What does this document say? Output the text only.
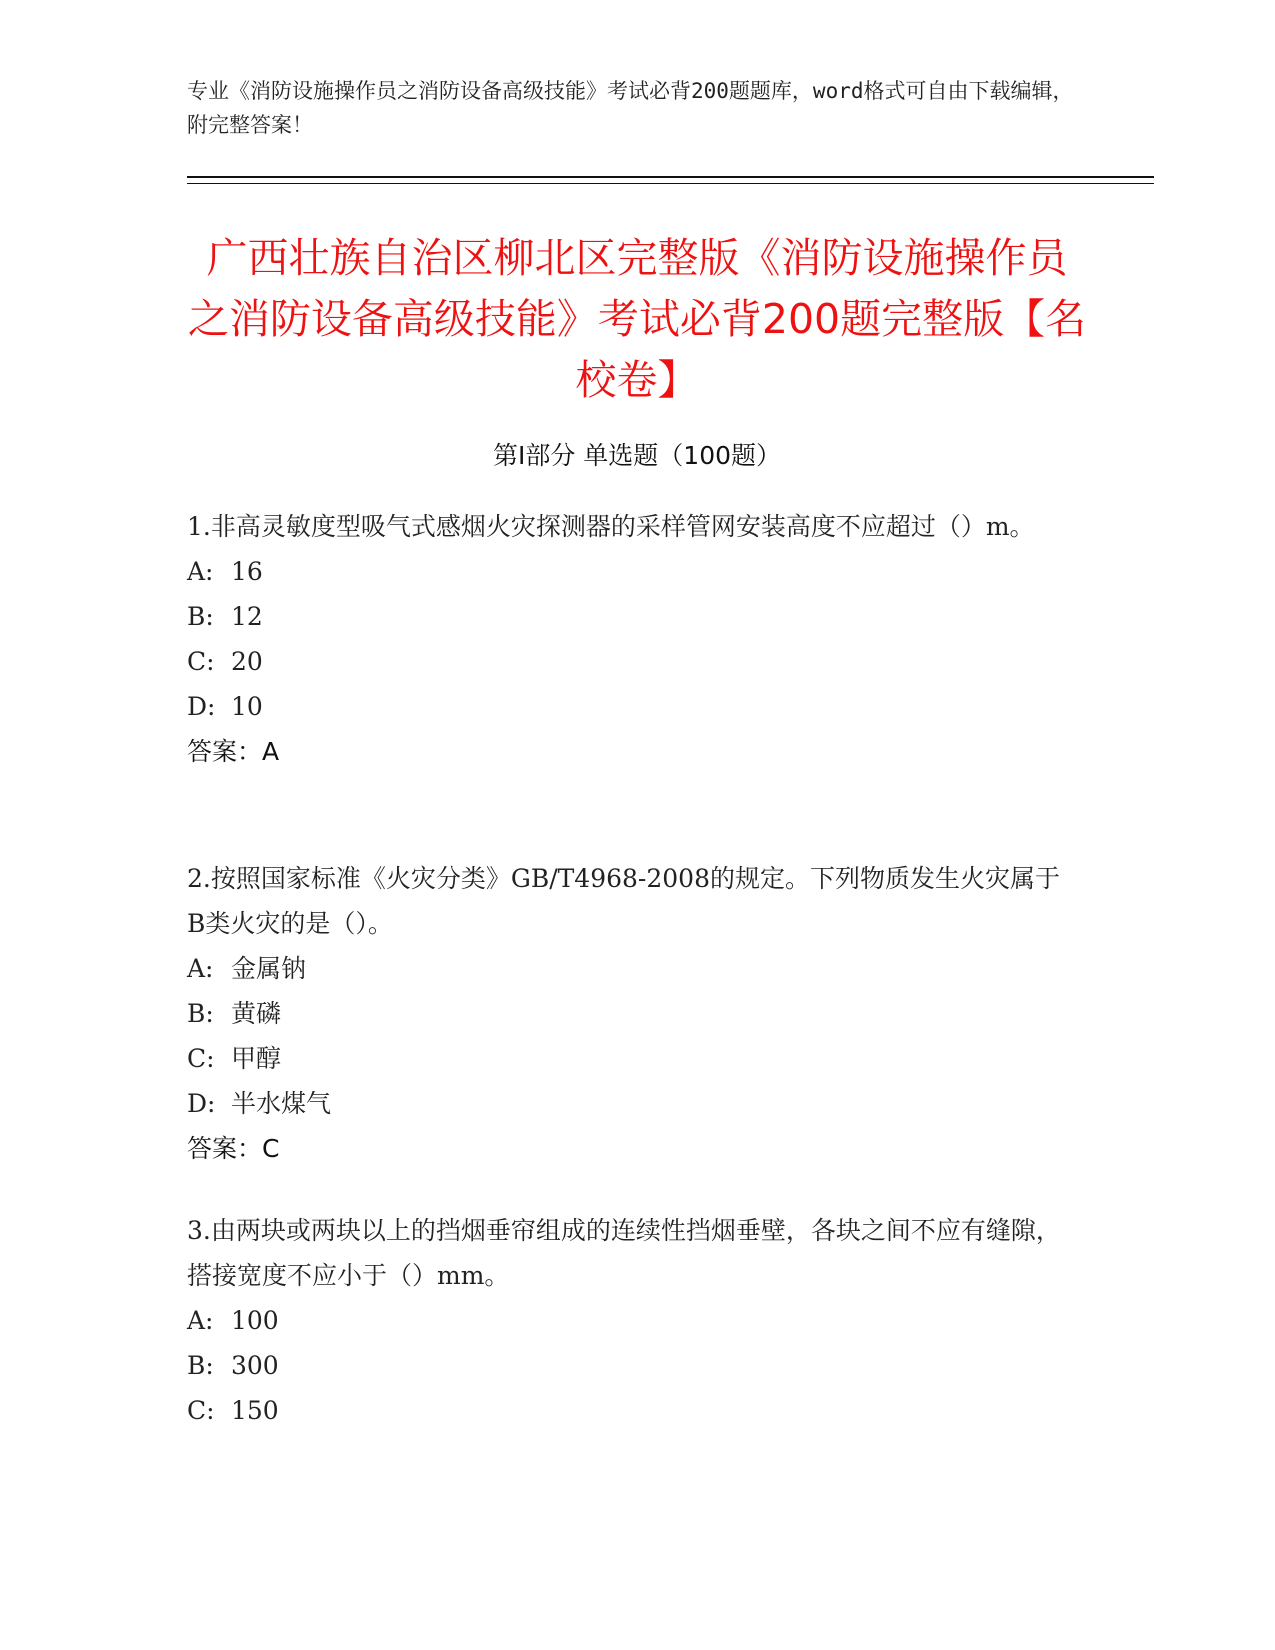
专业《消防设施操作员之消防设备高级技能》考试必背200题题库，word格式可自由下载编辑，附完整答案！
广西壮族自治区柳北区完整版《消防设施操作员之消防设备高级技能》考试必背200题完整版【名校卷】
第I部分 单选题（100题）
1.非高灵敏度型吸气式感烟火灾探测器的采样管网安装高度不应超过（）m。
A: 16
B: 12
C: 20
D: 10
答案：A
2.按照国家标准《火灾分类》GB/T4968-2008的规定。下列物质发生火灾属于B类火灾的是（）。
A: 金属钠
B: 黄磷
C: 甲醇
D: 半水煤气
答案：C
3.由两块或两块以上的挡烟垂帘组成的连续性挡烟垂壁，各块之间不应有缝隙，搭接宽度不应小于（）mm。
A: 100
B: 300
C: 150
